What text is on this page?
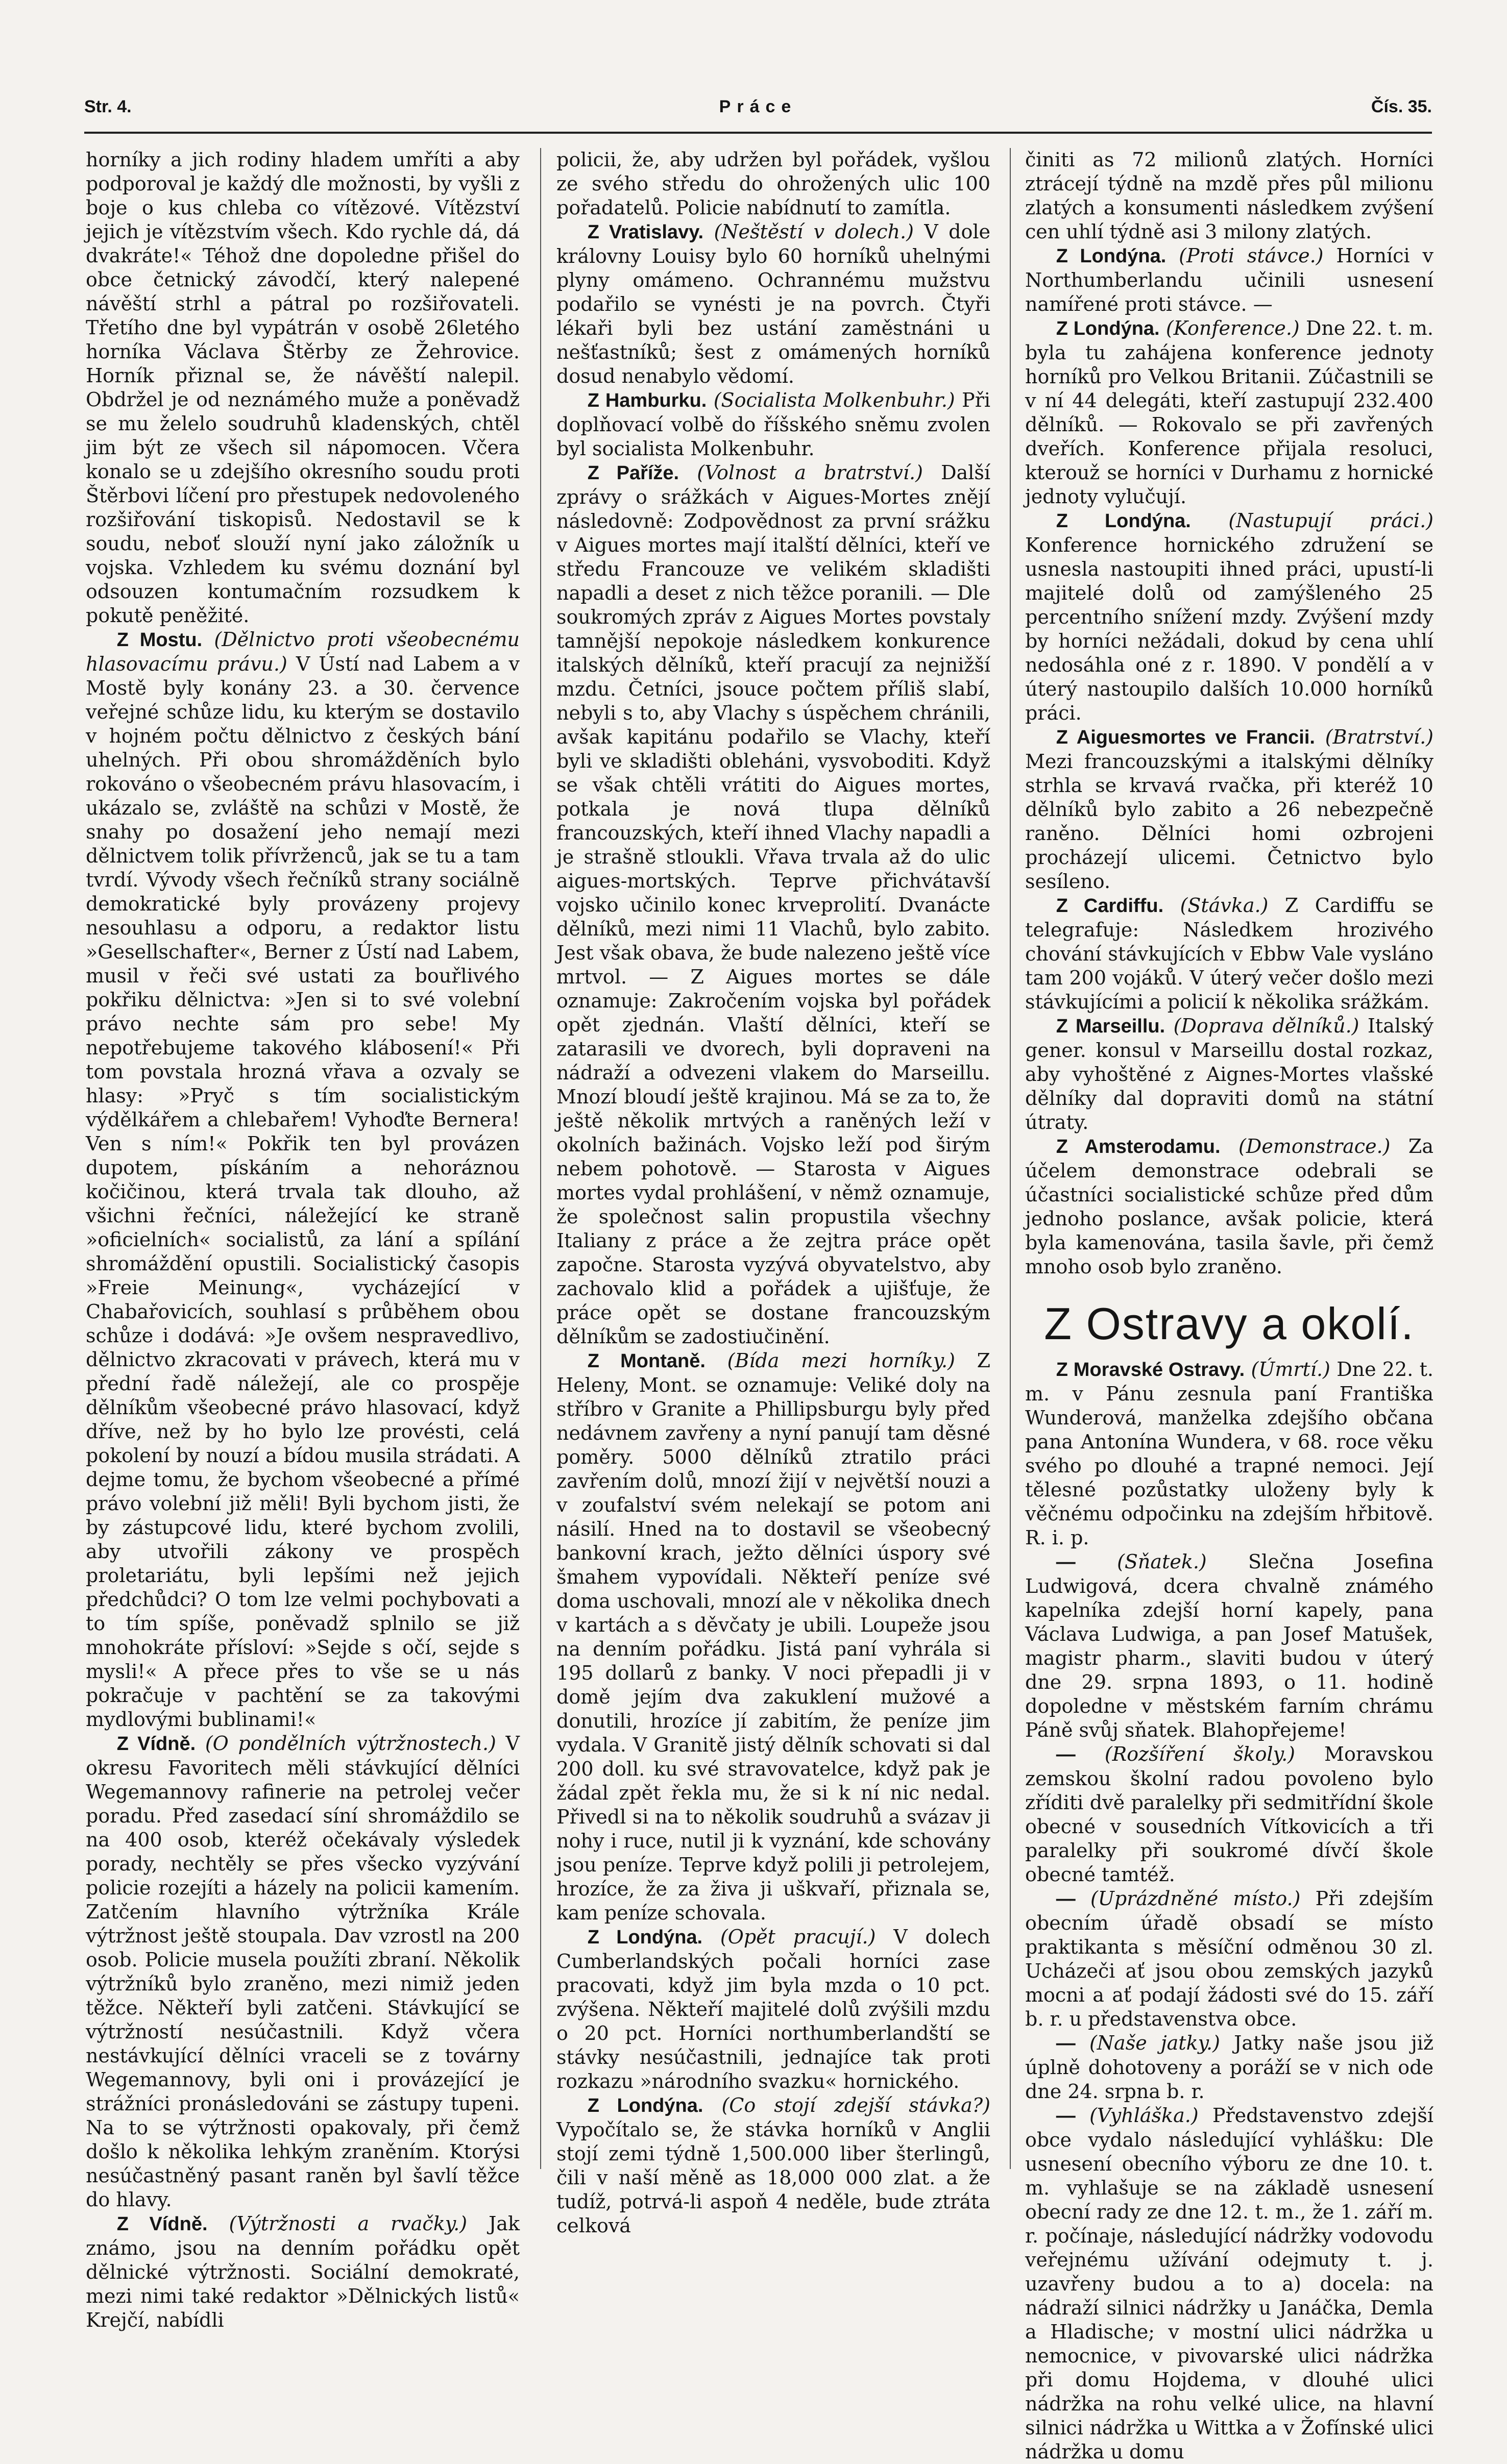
Str. 4.	Práce	Čís. 35.

horníky a jich rodiny hladem umříti a aby podporoval je každý dle možnosti, by vyšli z boje o kus chleba co vítězové. Vítězství jejich je vítězstvím všech. Kdo rychle dá, dá dvakráte!« Téhož dne dopoledne přišel do obce četnický závodčí, který nalepené návěští strhl a pátral po rozšiřovateli. Třetího dne byl vypátrán v osobě 26letého horníka Václava Štěrby ze Žehrovice. Horník přiznal se, že návěští nalepil. Obdržel je od neznámého muže a poněvadž se mu želelo soudruhů kladenských, chtěl jim být ze všech sil nápomocen. Včera konalo se u zdejšího okresního soudu proti Štěrbovi líčení pro přestupek nedovoleného rozšiřování tiskopisů. Nedostavil se k soudu, neboť slouží nyní jako záložník u vojska. Vzhledem ku svému doznání byl odsouzen kontumačním rozsudkem k pokutě peněžité.

Z Mostu. (Dělnictvo proti všeobecnému hlasovacímu právu.) V Ústí nad Labem a v Mostě byly konány 23. a 30. července veřejné schůze lidu, ku kterým se dostavilo v hojném počtu dělnictvo z českých bání uhelných. Při obou shromážděních bylo rokováno o všeobecném právu hlasovacím, i ukázalo se, zvláště na schůzi v Mostě, že snahy po dosažení jeho nemají mezi dělnictvem tolik přívrženců, jak se tu a tam tvrdí. Vývody všech řečníků strany sociálně demokratické byly provázeny projevy nesouhlasu a odporu, a redaktor listu »Gesellschafter«, Berner z Ústí nad Labem, musil v řeči své ustati za bouřlivého pokřiku dělnictva: »Jen si to své volební právo nechte sám pro sebe! My nepotřebujeme takového klábosení!« Při tom povstala hrozná vřava a ozvaly se hlasy: »Pryč s tím socialistickým výdělkářem a chlebařem! Vyhoďte Bernera! Ven s ním!« Pokřik ten byl provázen dupotem, pískáním a nehoráznou kočičinou, která trvala tak dlouho, až všichni řečníci, náležející ke straně »oficielních« socialistů, za lání a spílání shromáždění opustili. Socialistický časopis »Freie Meinung«, vycházející v Chabařovicích, souhlasí s průběhem obou schůze i dodává: »Je ovšem nespravedlivo, dělnictvo zkracovati v právech, která mu v přední řadě náležejí, ale co prospěje dělníkům všeobecné právo hlasovací, když dříve, než by ho bylo lze provésti, celá pokolení by nouzí a bídou musila strádati. A dejme tomu, že bychom všeobecné a přímé právo volební již měli! Byli bychom jisti, že by zástupcové lidu, které bychom zvolili, aby utvořili zákony ve prospěch proletariátu, byli lepšími než jejich předchůdci? O tom lze velmi pochybovati a to tím spíše, poněvadž splnilo se již mnohokráte přísloví: »Sejde s očí, sejde s mysli!« A přece přes to vše se u nás pokračuje v pachtění se za takovými mydlovými bublinami!«

Z Vídně. (O pondělních výtržnostech.) V okresu Favoritech měli stávkující dělníci Wegemannovy rafinerie na petrolej večer poradu. Před zasedací síní shromáždilo se na 400 osob, kteréž očekávaly výsledek porady, nechtěly se přes všecko vyzývání policie rozejíti a házely na policii kamením. Zatčením hlavního výtržníka Krále výtržnost ještě stoupala. Dav vzrostl na 200 osob. Policie musela použíti zbraní. Několik výtržníků bylo zraněno, mezi nimiž jeden těžce. Někteří byli zatčeni. Stávkující se výtržností nesúčastnili. Když včera nestávkující dělníci vraceli se z továrny Wegemannovy, byli oni i provázející je strážníci pronásledováni se zástupy tupeni. Na to se výtržnosti opakovaly, při čemž došlo k několika lehkým zraněním. Ktorýsi nesúčastněný pasant raněn byl šavlí těžce do hlavy.

Z Vídně. (Výtržnosti a rvačky.) Jak známo, jsou na denním pořádku opět dělnické výtržnosti. Sociální demokraté, mezi nimi také redaktor »Dělnických listů« Krejčí, nabídli

policii, že, aby udržen byl pořádek, vyšlou ze svého středu do ohrožených ulic 100 pořadatelů. Policie nabídnutí to zamítla.

Z Vratislavy. (Neštěstí v dolech.) V dole královny Louisy bylo 60 horníků uhelnými plyny omámeno. Ochrannému mužstvu podařilo se vynésti je na povrch. Čtyři lékaři byli bez ustání zaměstnáni u nešťastníků; šest z omámených horníků dosud nenabylo vědomí.

Z Hamburku. (Socialista Molkenbuhr.) Při doplňovací volbě do říšského sněmu zvolen byl socialista Molkenbuhr.

Z Paříže. (Volnost a bratrství.) Další zprávy o srážkách v Aigues-Mortes znějí následovně: Zodpovědnost za první srážku v Aigues mortes mají italští dělníci, kteří ve středu Francouze ve velikém skladišti napadli a deset z nich těžce poranili. — Dle soukromých zpráv z Aigues Mortes povstaly tamnější nepokoje následkem konkurence italských dělníků, kteří pracují za nejnižší mzdu. Četníci, jsouce počtem příliš slabí, nebyli s to, aby Vlachy s úspěchem chránili, avšak kapitánu podařilo se Vlachy, kteří byli ve skladišti obleháni, vysvoboditi. Když se však chtěli vrátiti do Aigues mortes, potkala je nová tlupa dělníků francouzských, kteří ihned Vlachy napadli a je strašně stloukli. Vřava trvala až do ulic aigues-mortských. Teprve přichvátavší vojsko učinilo konec krveprolití. Dvanácte dělníků, mezi nimi 11 Vlachů, bylo zabito. Jest však obava, že bude nalezeno ještě více mrtvol. — Z Aigues mortes se dále oznamuje: Zakročením vojska byl pořádek opět zjednán. Vlaští dělníci, kteří se zatarasili ve dvorech, byli dopraveni na nádraží a odvezeni vlakem do Marseillu. Mnozí bloudí ještě krajinou. Má se za to, že ještě několik mrtvých a raněných leží v okolních bažinách. Vojsko leží pod širým nebem pohotově. — Starosta v Aigues mortes vydal prohlášení, v němž oznamuje, že společnost salin propustila všechny Italiany z práce a že zejtra práce opět započne. Starosta vyzývá obyvatelstvo, aby zachovalo klid a pořádek a ujišťuje, že práce opět se dostane francouzským dělníkům se zadostiučinění.

Z Montaně. (Bída mezi horníky.) Z Heleny, Mont. se oznamuje: Veliké doly na stříbro v Granite a Phillipsburgu byly před nedávnem zavřeny a nyní panují tam děsné poměry. 5000 dělníků ztratilo práci zavřením dolů, mnozí žijí v největší nouzi a v zoufalství svém nelekají se potom ani násilí. Hned na to dostavil se všeobecný bankovní krach, ježto dělníci úspory své šmahem vypovídali. Někteří peníze své doma uschovali, mnozí ale v několika dnech v kartách a s děvčaty je ubili. Loupeže jsou na denním pořádku. Jistá paní vyhrála si 195 dollarů z banky. V noci přepadli ji v domě jejím dva zakuklení mužové a donutili, hrozíce jí zabitím, že peníze jim vydala. V Granitě jistý dělník schovati si dal 200 doll. ku své stravovatelce, když pak je žádal zpět řekla mu, že si k ní nic nedal. Přivedl si na to několik soudruhů a svázav ji nohy i ruce, nutil ji k vyznání, kde schovány jsou peníze. Teprve když polili ji petrolejem, hrozíce, že za živa ji uškvaří, přiznala se, kam peníze schovala.

Z Londýna. (Opět pracují.) V dolech Cumberlandských počali horníci zase pracovati, když jim byla mzda o 10 pct. zvýšena. Někteří majitelé dolů zvýšili mzdu o 20 pct. Horníci northumberlandští se stávky nesúčastnili, jednajíce tak proti rozkazu »národního svazku« hornického.

Z Londýna. (Co stojí zdejší stávka?) Vypočítalo se, že stávka horníků v Anglii stojí zemi týdně 1,500.000 liber šterlingů, čili v naší měně as 18,000 000 zlat. a že tudíž, potrvá-li aspoň 4 neděle, bude ztráta celková

činiti as 72 milionů zlatých. Horníci ztrácejí týdně na mzdě přes půl milionu zlatých a konsumenti následkem zvýšení cen uhlí týdně asi 3 milony zlatých.

Z Londýna. (Proti stávce.) Horníci v Northumberlandu učinili usnesení namířené proti stávce. —

Z Londýna. (Konference.) Dne 22. t. m. byla tu zahájena konference jednoty horníků pro Velkou Britanii. Zúčastnili se v ní 44 delegáti, kteří zastupují 232.400 dělníků. — Rokovalo se při zavřených dveřích. Konference přijala resoluci, kterouž se horníci v Durhamu z hornické jednoty vylučují.

Z Londýna. (Nastupují práci.) Konference hornického združení se usnesla nastoupiti ihned práci, upustí-li majitelé dolů od zamýšleného 25 percentního snížení mzdy. Zvýšení mzdy by horníci nežádali, dokud by cena uhlí nedosáhla oné z r. 1890. V pondělí a v úterý nastoupilo dalších 10.000 horníků práci.

Z Aiguesmortes ve Francii. (Bratrství.) Mezi francouzskými a italskými dělníky strhla se krvavá rvačka, při kteréž 10 dělníků bylo zabito a 26 nebezpečně raněno. Dělníci homi ozbrojeni procházejí ulicemi. Četnictvo bylo sesíleno.

Z Cardiffu. (Stávka.) Z Cardiffu se telegrafuje: Následkem hrozivého chování stávkujících v Ebbw Vale vysláno tam 200 vojáků. V úterý večer došlo mezi stávkujícími a policií k několika srážkám.

Z Marseillu. (Doprava dělníků.) Italský gener. konsul v Marseillu dostal rozkaz, aby vyhoštěné z Aignes-Mortes vlašské dělníky dal dopraviti domů na státní útraty.

Z Amsterodamu. (Demonstrace.) Za účelem demonstrace odebrali se účastníci socialistické schůze před dům jednoho poslance, avšak policie, která byla kamenována, tasila šavle, při čemž mnoho osob bylo zraněno.

Z Ostravy a okolí.

Z Moravské Ostravy. (Úmrtí.) Dne 22. t. m. v Pánu zesnula paní Františka Wunderová, manželka zdejšího občana pana Antonína Wundera, v 68. roce věku svého po dlouhé a trapné nemoci. Její tělesné pozůstatky uloženy byly k věčnému odpočinku na zdejším hřbitově. R. i. p.

— (Sňatek.) Slečna Josefina Ludwigová, dcera chvalně známého kapelníka zdejší horní kapely, pana Václava Ludwiga, a pan Josef Matušek, magistr pharm., slaviti budou v úterý dne 29. srpna 1893, o 11. hodině dopoledne v městském farním chrámu Páně svůj sňatek. Blahopřejeme!

— (Rozšíření školy.) Moravskou zemskou školní radou povoleno bylo zříditi dvě paralelky při sedmitřídní škole obecné v sousedních Vítkovicích a tři paralelky při soukromé dívčí škole obecné tamtéž.

— (Uprázdněné místo.) Při zdejším obecním úřadě obsadí se místo praktikanta s měsíční odměnou 30 zl. Ucházeči ať jsou obou zemských jazyků mocni a ať podají žádosti své do 15. září b. r. u představenstva obce.

— (Naše jatky.) Jatky naše jsou již úplně dohotoveny a poráží se v nich ode dne 24. srpna b. r.

— (Vyhláška.) Představenstvo zdejší obce vydalo následující vyhlášku: Dle usnesení obecního výboru ze dne 10. t. m. vyhlašuje se na základě usnesení obecní rady ze dne 12. t. m., že 1. září m. r. počínaje, následující nádržky vodovodu veřejnému užívání odejmuty t. j. uzavřeny budou a to a) docela: na nádraží silnici nádržky u Janáčka, Demla a Hladische; v mostní ulici nádržka u nemocnice, v pivovarské ulici nádržka při domu Hojdema, v dlouhé ulici nádržka na rohu velké ulice, na hlavní silnici nádržka u Wittka a v Žofínské ulici nádržka u domu
